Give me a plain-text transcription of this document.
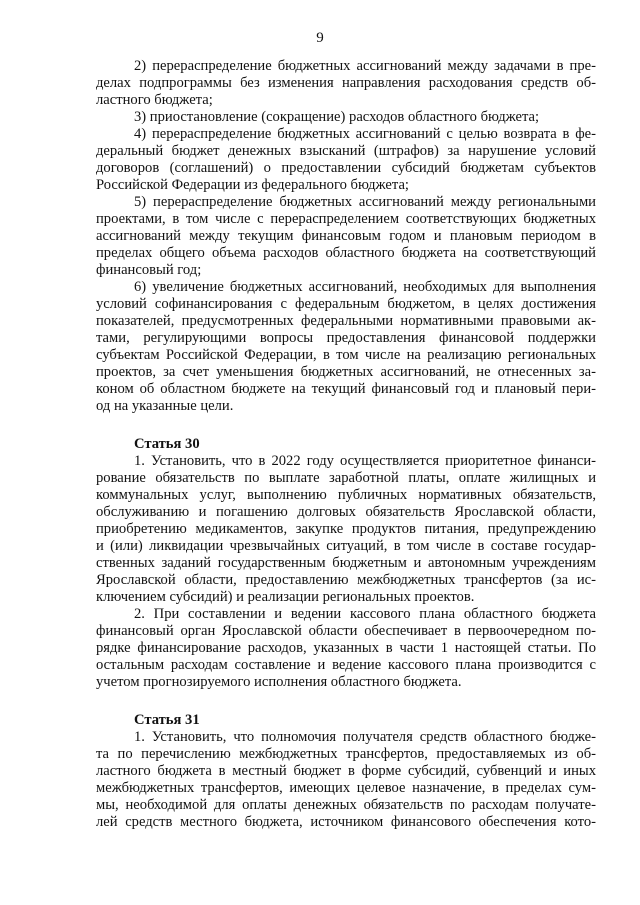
9
2) перераспределение бюджетных ассигнований между задачами в пре-
делах подпрограммы без изменения направления расходования средств об-
ластного бюджета;
3) приостановление (сокращение) расходов областного бюджета;
4) перераспределение бюджетных ассигнований с целью возврата в фе-
деральный бюджет денежных взысканий (штрафов) за нарушение условий
договоров (соглашений) о предоставлении субсидий бюджетам субъектов
Российской Федерации из федерального бюджета;
5) перераспределение бюджетных ассигнований между региональными
проектами, в том числе с перераспределением соответствующих бюджетных
ассигнований между текущим финансовым годом и плановым периодом в
пределах общего объема расходов областного бюджета на соответствующий
финансовый год;
6) увеличение бюджетных ассигнований, необходимых для выполнения
условий софинансирования с федеральным бюджетом, в целях достижения
показателей, предусмотренных федеральными нормативными правовыми ак-
тами, регулирующими вопросы предоставления финансовой поддержки
субъектам Российской Федерации, в том числе на реализацию региональных
проектов, за счет уменьшения бюджетных ассигнований, не отнесенных за-
коном об областном бюджете на текущий финансовый год и плановый пери-
од на указанные цели.
Статья 30
1. Установить, что в 2022 году осуществляется приоритетное финанси-
рование обязательств по выплате заработной платы, оплате жилищных и
коммунальных услуг, выполнению публичных нормативных обязательств,
обслуживанию и погашению долговых обязательств Ярославской области,
приобретению медикаментов, закупке продуктов питания, предупреждению
и (или) ликвидации чрезвычайных ситуаций, в том числе в составе государ-
ственных заданий государственным бюджетным и автономным учреждениям
Ярославской области, предоставлению межбюджетных трансфертов (за ис-
ключением субсидий) и реализации региональных проектов.
2. При составлении и ведении кассового плана областного бюджета
финансовый орган Ярославской области обеспечивает в первоочередном по-
рядке финансирование расходов, указанных в части 1 настоящей статьи. По
остальным расходам составление и ведение кассового плана производится с
учетом прогнозируемого исполнения областного бюджета.
Статья 31
1. Установить, что полномочия получателя средств областного бюдже-
та по перечислению межбюджетных трансфертов, предоставляемых из об-
ластного бюджета в местный бюджет в форме субсидий, субвенций и иных
межбюджетных трансфертов, имеющих целевое назначение, в пределах сум-
мы, необходимой для оплаты денежных обязательств по расходам получате-
лей средств местного бюджета, источником финансового обеспечения кото-
